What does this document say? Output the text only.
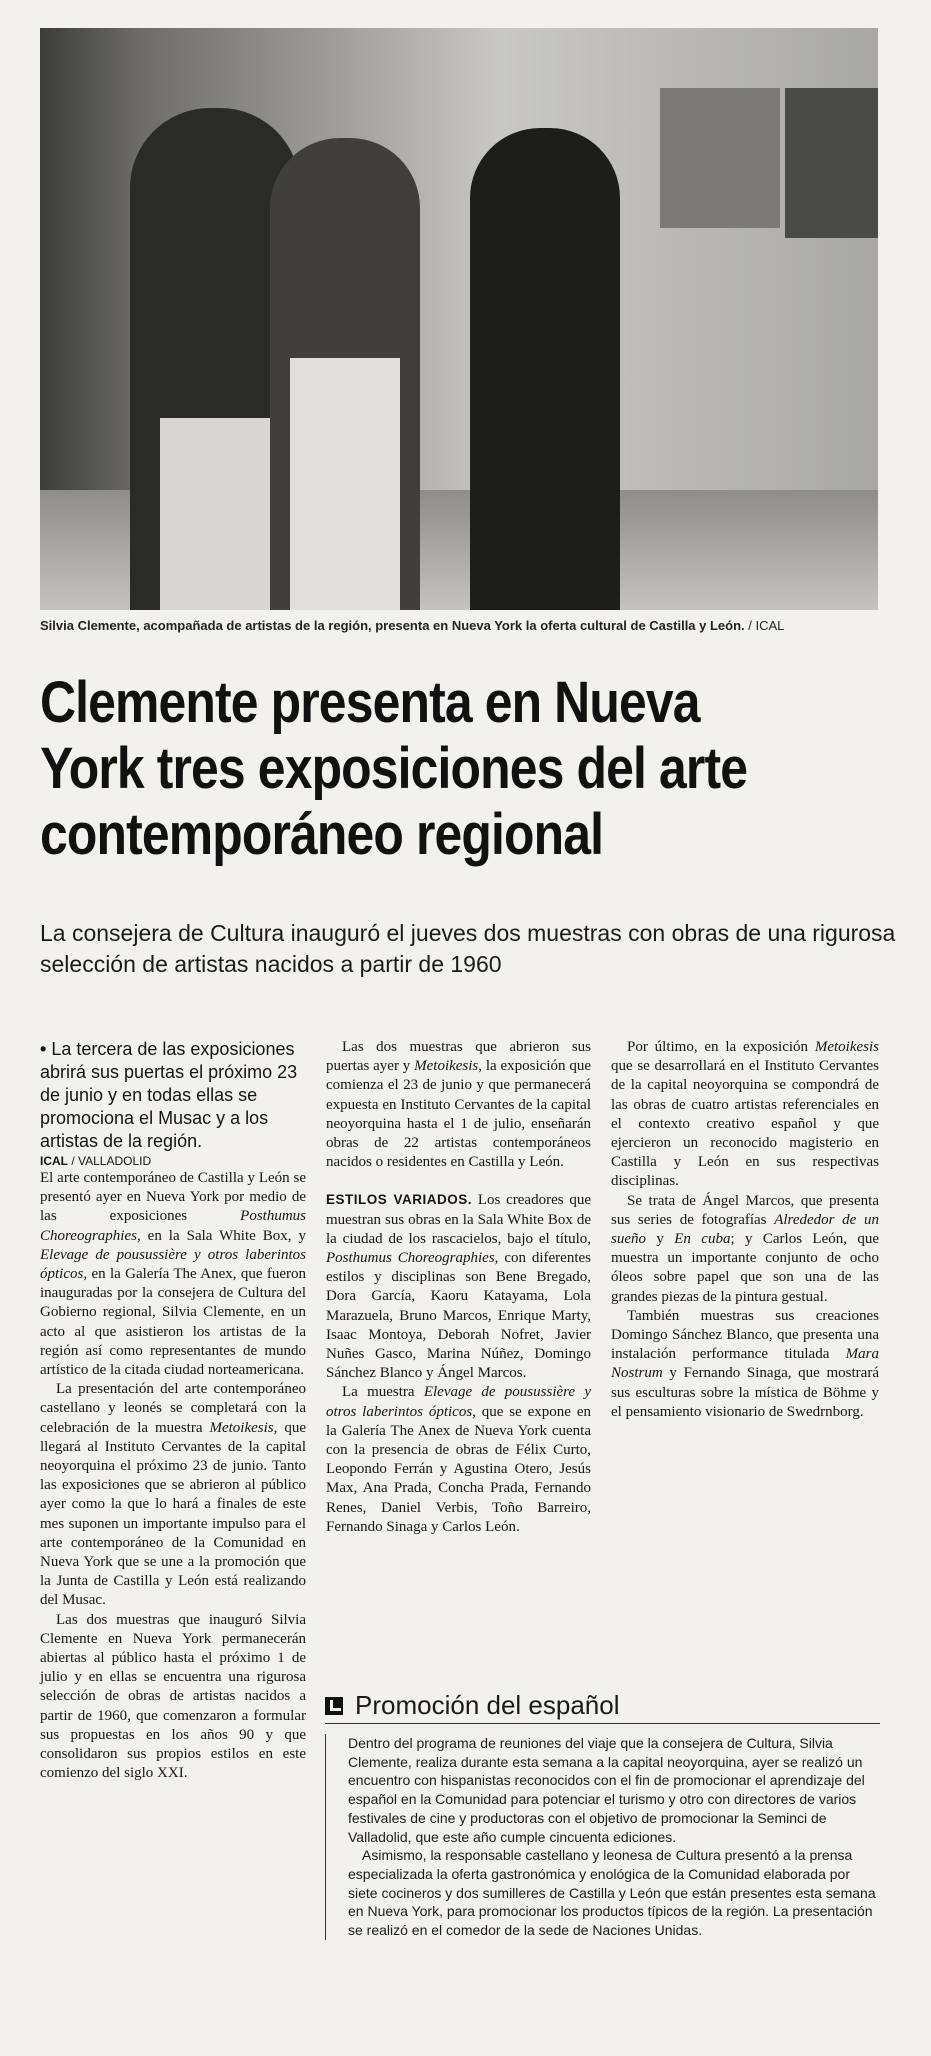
Silvia Clemente, acompañada de artistas de la región, presenta en Nueva York la oferta cultural de Castilla y León. / ICAL
Clemente presenta en Nueva York tres exposiciones del arte contemporáneo regional

La consejera de Cultura inauguró el jueves dos muestras con obras de una rigurosa selección de artistas nacidos a partir de 1960

• La tercera de las exposiciones abrirá sus puertas el próximo 23 de junio y en todas ellas se promociona el Musac y a los artistas de la región.

ICAL / VALLADOLID

El arte contemporáneo de Castilla y León se presentó ayer en Nueva York por medio de las exposiciones Posthumus Choreographies, en la Sala White Box, y Elevage de pousussière y otros laberintos ópticos, en la Galería The Anex, que fueron inauguradas por la consejera de Cultura del Gobierno regional, Silvia Clemente, en un acto al que asistieron los artistas de la región así como representantes de mundo artístico de la citada ciudad norteamericana.

La presentación del arte contemporáneo castellano y leonés se completará con la celebración de la muestra Metoikesis, que llegará al Instituto Cervantes de la capital neoyorquina el próximo 23 de junio. Tanto las exposiciones que se abrieron al público ayer como la que lo hará a finales de este mes suponen un importante impulso para el arte contemporáneo de la Comunidad en Nueva York que se une a la promoción que la Junta de Castilla y León está realizando del Musac.

Las dos muestras que inauguró Silvia Clemente en Nueva York permanecerán abiertas al público hasta el próximo 1 de julio y en ellas se encuentra una rigurosa selección de obras de artistas nacidos a partir de 1960, que comenzaron a formular sus propuestas en los años 90 y que consolidaron sus propios estilos en este comienzo del siglo XXI.

Las dos muestras que abrieron sus puertas ayer y Metoikesis, la exposición que comienza el 23 de junio y que permanecerá expuesta en Instituto Cervantes de la capital neoyorquina hasta el 1 de julio, enseñarán obras de 22 artistas contemporáneos nacidos o residentes en Castilla y León.

ESTILOS VARIADOS. Los creadores que muestran sus obras en la Sala White Box de la ciudad de los rascacielos, bajo el título, Posthumus Choreographies, con diferentes estilos y disciplinas son Bene Bregado, Dora García, Kaoru Katayama, Lola Marazuela, Bruno Marcos, Enrique Marty, Isaac Montoya, Deborah Nofret, Javier Nuñes Gasco, Marina Núñez, Domingo Sánchez Blanco y Ángel Marcos.

La muestra Elevage de pousussière y otros laberintos ópticos, que se expone en la Galería The Anex de Nueva York cuenta con la presencia de obras de Félix Curto, Leopondo Ferrán y Agustina Otero, Jesús Max, Ana Prada, Concha Prada, Fernando Renes, Daniel Verbis, Toño Barreiro, Fernando Sinaga y Carlos León.

Por último, en la exposición Metoikesis que se desarrollará en el Instituto Cervantes de la capital neoyorquina se compondrá de las obras de cuatro artistas referenciales en el contexto creativo español y que ejercieron un reconocido magisterio en Castilla y León en sus respectivas disciplinas.

Se trata de Ángel Marcos, que presenta sus series de fotografías Alrededor de un sueño y En cuba; y Carlos León, que muestra un importante conjunto de ocho óleos sobre papel que son una de las grandes piezas de la pintura gestual.

También muestras sus creaciones Domingo Sánchez Blanco, que presenta una instalación performance titulada Mara Nostrum y Fernando Sinaga, que mostrará sus esculturas sobre la mística de Böhme y el pensamiento visionario de Swedrnborg.

Promoción del español

Dentro del programa de reuniones del viaje que la consejera de Cultura, Silvia Clemente, realiza durante esta semana a la capital neoyorquina, ayer se realizó un encuentro con hispanistas reconocidos con el fin de promocionar el aprendizaje del español en la Comunidad para potenciar el turismo y otro con directores de varios festivales de cine y productoras con el objetivo de promocionar la Seminci de Valladolid, que este año cumple cincuenta ediciones.

Asimismo, la responsable castellano y leonesa de Cultura presentó a la prensa especializada la oferta gastronómica y enológica de la Comunidad elaborada por siete cocineros y dos sumilleres de Castilla y León que están presentes esta semana en Nueva York, para promocionar los productos típicos de la región. La presentación se realizó en el comedor de la sede de Naciones Unidas.
